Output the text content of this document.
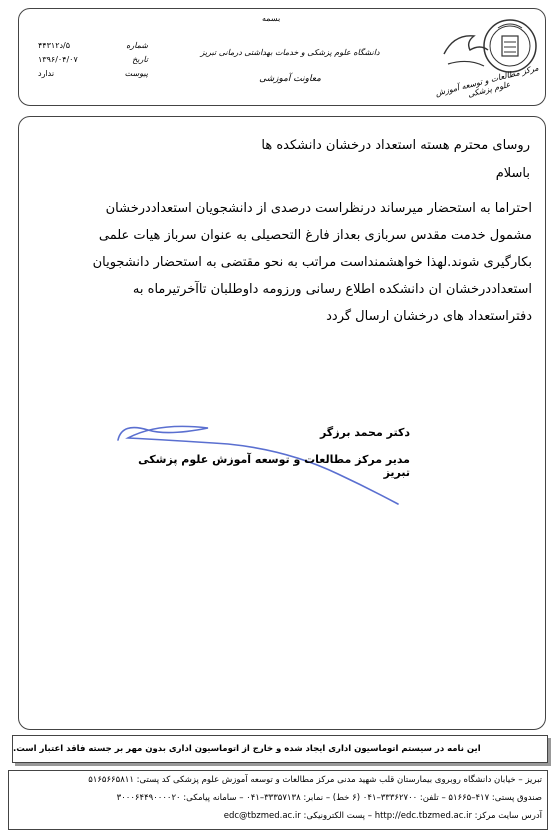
شماره
۵/د۴۴۳۱۲
تاریخ
۱۳۹۶/۰۴/۰۷
پیوست
ندارد
بسمه
دانشگاه علوم پزشکی و خدمات بهداشتی درمانی تبریز
معاونت آموزشی	مرکز مطالعات و توسعه آموزش علوم پزشکی
روسای محترم هسته استعداد درخشان دانشکده ها
باسلام
احتراما به استحضار میرساند درنظراست درصدی از دانشجویان استعداددرخشان
مشمول خدمت مقدس سربازی بعداز فارغ التحصیلی به عنوان سرباز هیات علمی
بکارگیری شوند.لهذا خواهشمنداست مراتب به نحو مقتضی به استحضار دانشجویان
استعداددرخشان ان دانشکده اطلاع رسانی ورزومه داوطلبان تاآخرتیرماه به
دفتراستعداد های درخشان ارسال گردد
دکتر محمد برزگر
مدیر مرکز مطالعات و توسعه آموزش علوم پزشکی تبریز
این نامه در سیستم اتوماسیون اداری ایجاد شده و خارج از اتوماسیون اداری بدون مهر بر جسته فاقد اعتبار است.
تبریز – خیابان دانشگاه روبروی بیمارستان قلب شهید مدنی مرکز مطالعات و توسعه آموزش علوم پزشکی کد پستی: ۵۱۶۵۶۶۵۸۱۱
صندوق پستی: ۴۱۷–۵۱۶۶۵ – تلفن: ۳۳۳۶۲۷۰۰–۰۴۱ (۶ خط) – نمابر: ۳۳۳۵۷۱۳۸–۰۴۱ – سامانه پیامکی: ۳۰۰۰۶۴۴۹۰۰۰۰۲۰
آدرس سایت مرکز: http://edc.tbzmed.ac.ir – پست الکترونیکی: edc@tbzmed.ac.ir
